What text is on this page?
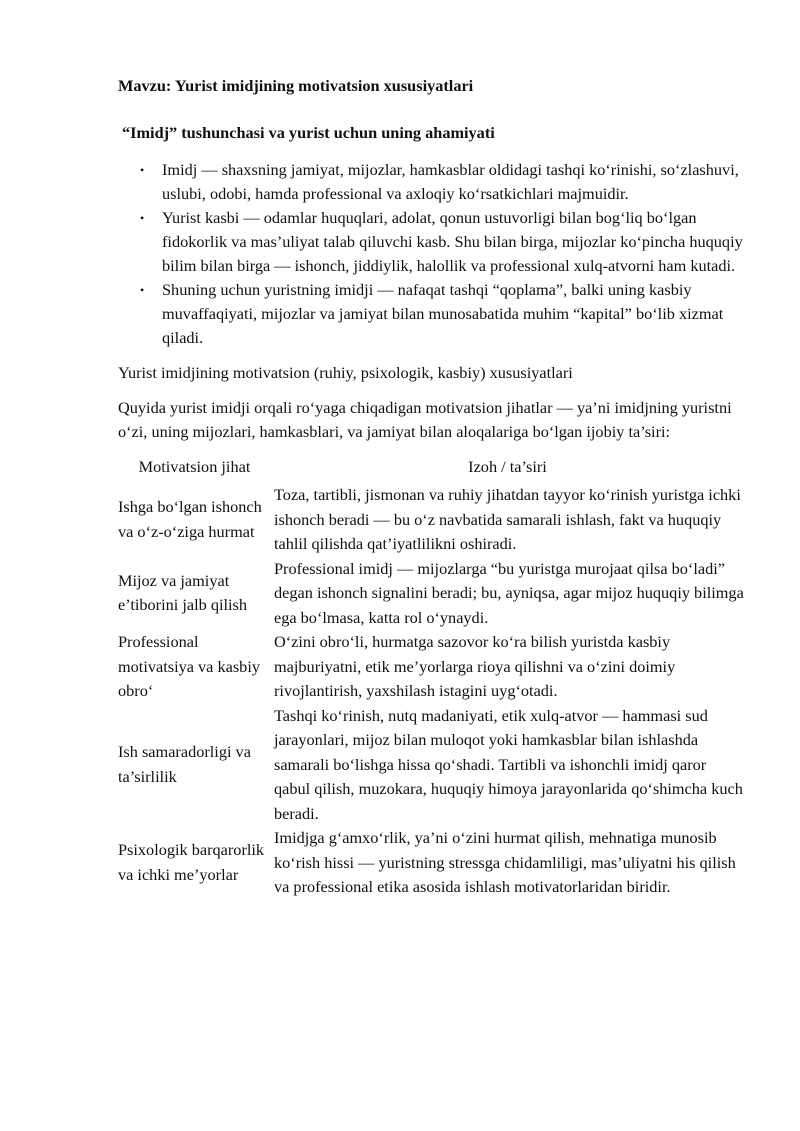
Mavzu: Yurist imidjining motivatsion xususiyatlari

“Imidj” tushunchasi va yurist uchun uning ahamiyati

• Imidj — shaxsning jamiyat, mijozlar, hamkasblar oldidagi tashqi ko‘rinishi, so‘zlashuvi, uslubi, odobi, hamda professional va axloqiy ko‘rsatkichlari majmuidir.
• Yurist kasbi — odamlar huquqlari, adolat, qonun ustuvorligi bilan bog‘liq bo‘lgan fidokorlik va mas’uliyat talab qiluvchi kasb. Shu bilan birga, mijozlar ko‘pincha huquqiy bilim bilan birga — ishonch, jiddiylik, halollik va professional xulq-atvorni ham kutadi.
• Shuning uchun yuristning imidji — nafaqat tashqi “qoplama”, balki uning kasbiy muvaffaqiyati, mijozlar va jamiyat bilan munosabatida muhim “kapital” bo‘lib xizmat qiladi.

Yurist imidjining motivatsion (ruhiy, psixologik, kasbiy) xususiyatlari

Quyida yurist imidji orqali ro‘yaga chiqadigan motivatsion jihatlar — ya’ni imidjning yuristni o‘zi, uning mijozlari, hamkasblari, va jamiyat bilan aloqalariga bo‘lgan ijobiy ta’siri:

Motivatsion jihat	Izoh / ta’siri
Ishga bo‘lgan ishonch va o‘z-o‘ziga hurmat	Toza, tartibli, jismonan va ruhiy jihatdan tayyor ko‘rinish yuristga ichki ishonch beradi — bu o‘z navbatida samarali ishlash, fakt va huquqiy tahlil qilishda qat’iyatlilikni oshiradi.
Mijoz va jamiyat e’tiborini jalb qilish	Professional imidj — mijozlarga “bu yuristga murojaat qilsa bo‘ladi” degan ishonch signalini beradi; bu, ayniqsa, agar mijoz huquqiy bilimga ega bo‘lmasa, katta rol o‘ynaydi.
Professional motivatsiya va kasbiy obro‘	O‘zini obro‘li, hurmatga sazovor ko‘ra bilish yuristda kasbiy majburiyatni, etik me’yorlarga rioya qilishni va o‘zini doimiy rivojlantirish, yaxshilash istagini uyg‘otadi.
Ish samaradorligi va ta’sirlilik	Tashqi ko‘rinish, nutq madaniyati, etik xulq-atvor — hammasi sud jarayonlari, mijoz bilan muloqot yoki hamkasblar bilan ishlashda samarali bo‘lishga hissa qo‘shadi. Tartibli va ishonchli imidj qaror qabul qilish, muzokara, huquqiy himoya jarayonlarida qo‘shimcha kuch beradi.
Psixologik barqarorlik va ichki me’yorlar	Imidjga g‘amxo‘rlik, ya’ni o‘zini hurmat qilish, mehnatiga munosib ko‘rish hissi — yuristning stressga chidamliligi, mas’uliyatni his qilish va professional etika asosida ishlash motivatorlaridan biridir.
